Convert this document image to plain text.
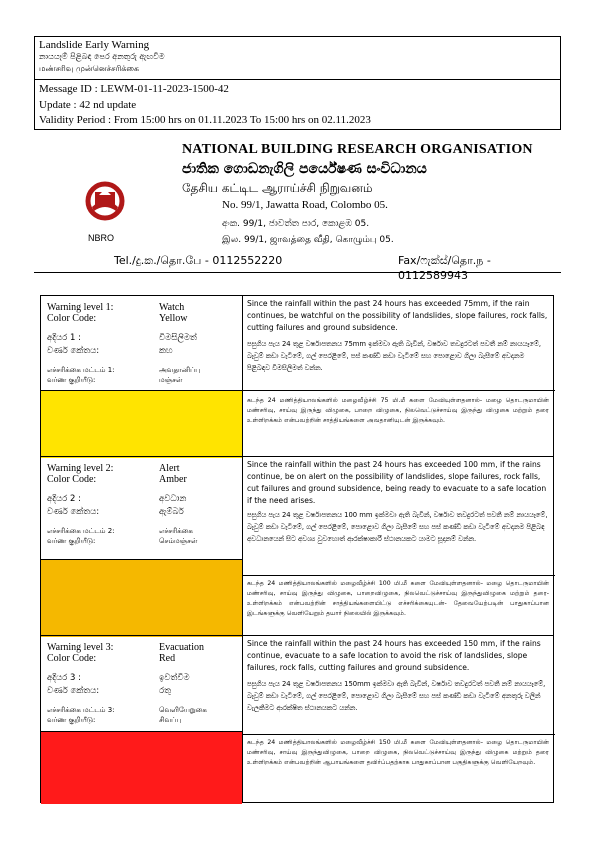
Landslide Early Warning
නායයෑම් පිළිබඳ පෙර අනතුරු ඇඟවීම
மண்சரிவு முன்னெச்சரிக்கை
Message ID : LEWM-01-11-2023-1500-42
Update : 42 nd update
Validity Period : From 15:00 hrs on 01.11.2023 To 15:00 hrs on 02.11.2023
NBRO
NATIONAL BUILDING RESEARCH ORGANISATION
ජාතික ගොඩනැගිලි පර්යේෂණ සංවිධානය
தேசிய கட்டிட ஆராய்ச்சி நிறுவனம்
No. 99/1, Jawatta Road, Colombo 05.
අංක. 99/1, ජාවත්ත පාර, කොළඹ 05.
இல. 99/1, ஜாவத்தை வீதி, கொழும்பு 05.
Tel./දු.ක./தொ.பே - 0112552220	Fax/ෆැක්ස්/தொ.ந - 0112589943
Warning level 1:	Watch
Color Code:	Yellow
අදියර 1 :	විමසිලිමත්
වර්ණ කේතය:	කහ
எச்சரிக்கை மட்டம் 1:	அவதானிப்பு
வர்ண குறியீடு:	மஞ்சள்
Since the rainfall within the past 24 hours has exceeded 75mm, if the rain continues, be watchful on the possibility of landslides, slope failures, rock falls, cutting failures and ground subsidence.
පසුගිය පැය 24 තුළ වර්ෂාපතනය 75mm ඉක්මවා ඇති බැවින්, වර්ෂාව තවදුරටත් පවතී නම් නායයෑමේ, බෑවුම් කඩා වැටීමේ, ගල් පෙරළීමේ, පස් කණ්ඩි කඩා වැටීමේ සහ පොළොව ගිලා බැසීමේ අවදානම පිළිබඳව විමසිලිමත් වන්න.
கடந்த 24 மணித்தியாலங்களில் மழைவீழ்ச்சி 75 மி.மீ களை மேவியுள்ளதனால்- மழை தொடருமாயின் மண்சரிவு, சாய்வு இருந்து விழுகை, பாறை விழுகை, நிலவெட்டுச்சாய்வு இருந்து விழுகை மற்றும் தரை உள்ளிறக்கம் என்பவற்றின் சாத்தியங்களை அவதானியுடன் இருக்கவும்.
Warning level 2:	Alert
Color Code:	Amber
අදියර 2 :	අවධාන
වර්ණ කේතය:	ඇම්බර්
எச்சரிக்கை மட்டம் 2:	எச்சரிக்கை
வர்ண குறியீடு:	செம்மஞ்சள்
Since the rainfall within the past 24 hours has exceeded 100 mm, if the rains continue, be on alert on the possibility of landslides, slope failures, rock falls, cut failures and ground subsidence, being ready to evacuate to a safe location if the need arises.
පසුගිය පැය 24 තුළ වර්ෂාපතනය 100 mm ඉක්මවා ඇති බැවින්, වර්ෂාව තවදුරටත් පවතී නම් නායයෑමේ, බෑවුම් කඩා වැටීමේ, ගල් පෙරළීමේ, පොළොව ගිලා බැසීමේ සහ පස් කණ්ඩි කඩා වැටීමේ අවදානම පිළිබඳ අවධානයෙන් සිට අවශ්‍ය වුවහොත් ආරක්ෂාකාරී ස්ථානයකට යාමට සූදානම් වන්න.
கடந்த 24 மணித்தியாலங்களில் மழைவீழ்ச்சி 100 மி.மீ களை மேவியுள்ளதனால்- மழை தொடருமாயின் மண்சரிவு, சாய்வு இருந்து விழுகை, பாறைவிழுகை, நிலவெட்டுச்சாய்வு இருந்துவிழுகை மற்றும் தரை-உள்ளிறக்கம் என்பவற்றின் சாத்தியங்களையிட்டு எச்சரிக்கையுடன்- தேவையேற்படின் பாதுகாப்பான இடங்களுக்கு வெளியேறும் தயார் நிலையில் இருக்கவும்.
Warning level 3:	Evacuation
Color Code:	Red
අදියර 3 :	ඉවත්වීම
වර්ණ කේතය:	රතු
எச்சரிக்கை மட்டம் 3:	வெளியேறுகை
வர்ண குறியீடு:	சிவப்பு
Since the rainfall within the past 24 hours has exceeded 150 mm, if the rains continue, evacuate to a safe location to avoid the risk of landslides, slope failures, rock falls, cutting failures and ground subsidence.
පසුගිය පැය 24 තුළ වර්ෂාපතනය 150mm ඉක්මවා ඇති බැවින්, වර්ෂාව තවදුරටත් පවතී නම් නායයෑමේ, බෑවුම් කඩා වැටීමේ, ගල් පෙරළීමේ, පොළොව ගිලා බැසීමේ සහ පස් කණ්ඩි කඩා වැටීමේ අනතුරු වලින් වැලකීමට ආරක්ෂිත ස්ථානයකට යන්න.
கடந்த 24 மணித்தியாலங்களில் மழைவீழ்ச்சி 150 மி.மீ களை மேவியுள்ளதனால்- மழை தொடருமாயின் மண்சரிவு, சாய்வு இருந்துவிழுகை, பாறை விழுகை, நிலவெட்டுச்சாய்வு இருந்து விழுகை மற்றும் தரை உள்ளிறக்கம் என்பவற்றின் ஆபாயங்களை தவிர்ப்பதற்காக பாதுகாப்பான பகுதிகளுக்கு வெளியேறவும்.
